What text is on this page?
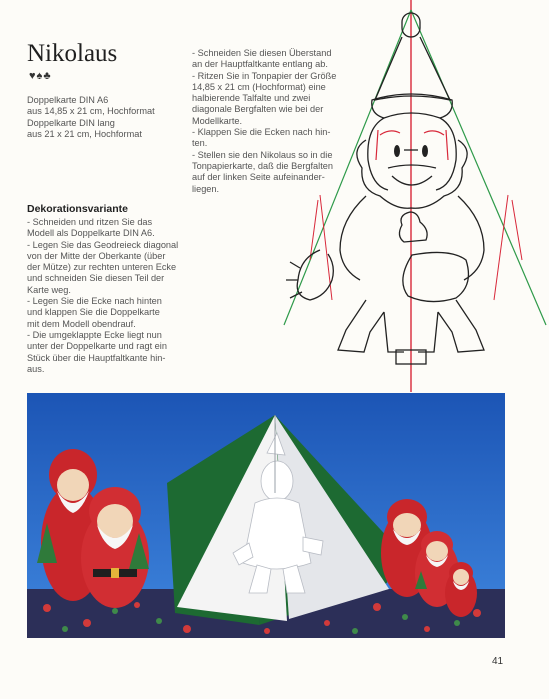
Nikolaus
♥♠♣
Doppelkarte DIN A6
aus 14,85 x 21 cm, Hochformat
Doppelkarte DIN lang
aus 21 x 21 cm, Hochformat
Dekorationsvariante
- Schneiden und ritzen Sie das
Modell als Doppelkarte DIN A6.
- Legen Sie das Geodreieck diagonal
von der Mitte der Oberkante (über
der Mütze) zur rechten unteren Ecke
und schneiden Sie diesen Teil der
Karte weg.
- Legen Sie die Ecke nach hinten
und klappen Sie die Doppelkarte
mit dem Modell obendrauf.
- Die umgeklappte Ecke liegt nun
unter der Doppelkarte und ragt ein
Stück über die Hauptfaltkante hin-
aus.
- Schneiden Sie diesen Überstand
an der Hauptfaltkante entlang ab.
- Ritzen Sie in Tonpapier der Größe
14,85 x 21 cm (Hochformat) eine
halbierende Talfalte und zwei
diagonale Bergfalten wie bei der
Modellkarte.
- Klappen Sie die Ecken nach hin-
ten.
- Stellen sie den Nikolaus so in die
Tonpapierkarte, daß die Bergfalten
auf der linken Seite aufeinander-
liegen.
41
